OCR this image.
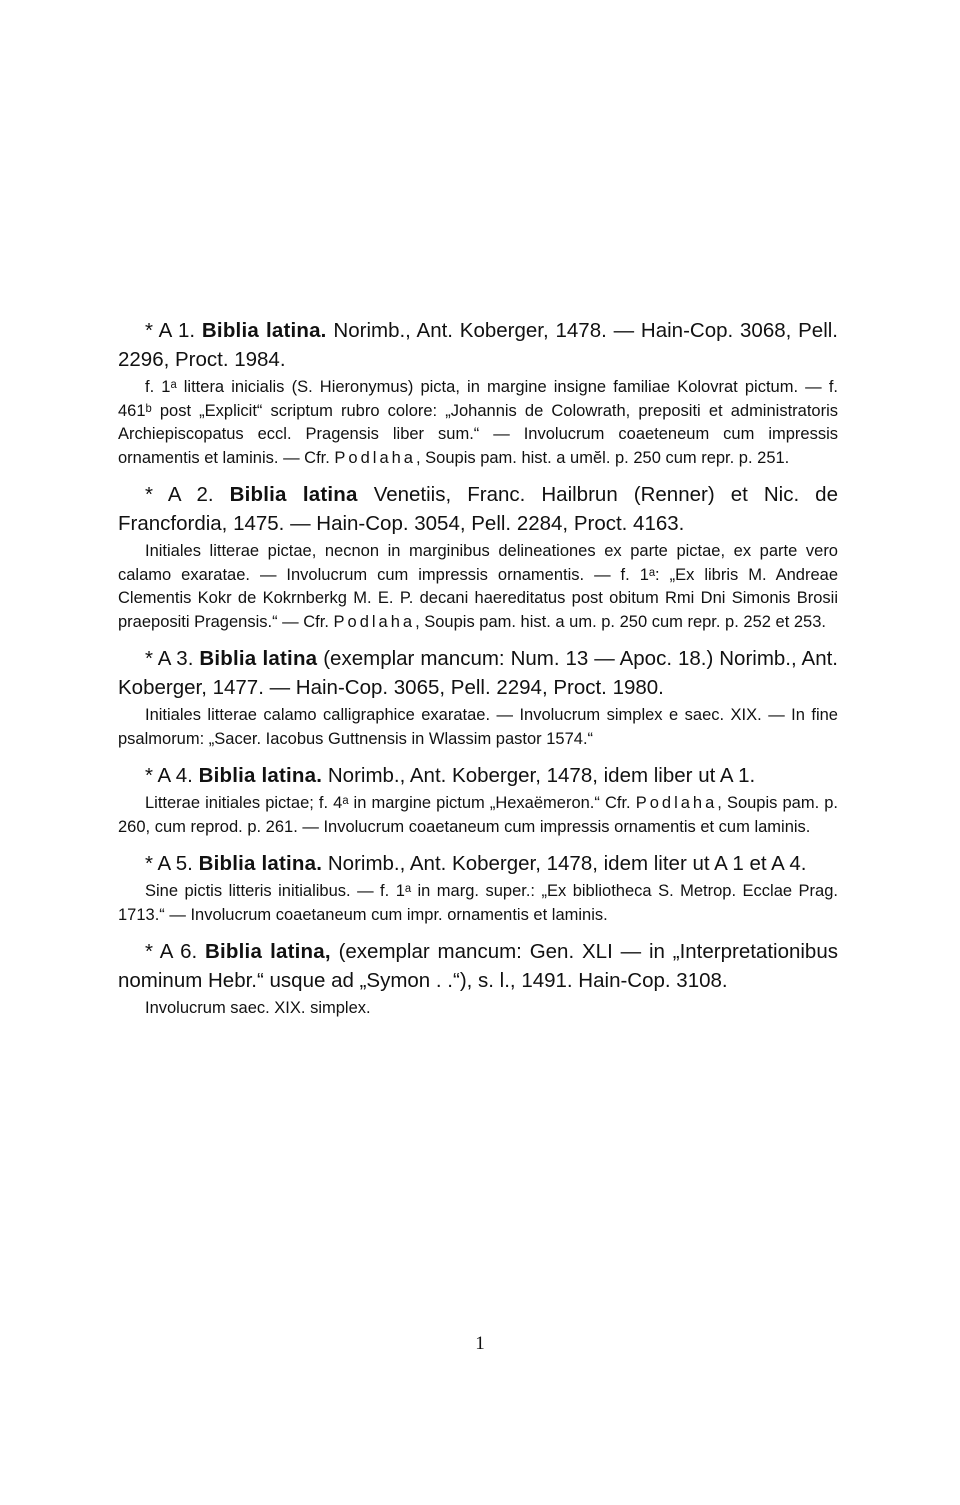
* A 1. Biblia latina. Norimb., Ant. Koberger, 1478. — Hain-Cop. 3068, Pell. 2296, Proct. 1984.

f. 1ᵃ littera inicialis (S. Hieronymus) picta, in margine insigne familiae Kolovrat pictum. — f. 461ᵇ post „Explicit“ scriptum rubro colore: „Johannis de Colowrath, prepositi et administratoris Archiepiscopatus eccl. Pragensis liber sum.“ — Involucrum coaeteneum cum impressis ornamentis et laminis. — Cfr. Podlaha, Soupis pam. hist. a umĕl. p. 250 cum repr. p. 251.

* A 2. Biblia latina Venetiis, Franc. Hailbrun (Renner) et Nic. de Francfordia, 1475. — Hain-Cop. 3054, Pell. 2284, Proct. 4163.

Initiales litterae pictae, necnon in marginibus delineationes ex parte pictae, ex parte vero calamo exaratae. — Involucrum cum impressis ornamentis. — f. 1ᵃ: „Ex libris M. Andreae Clementis Kokr de Kokrnberkg M. E. P. decani haereditatus post obitum Rmi Dni Simonis Brosii praepositi Pragensis.“ — Cfr. Podlaha, Soupis pam. hist. a um. p. 250 cum repr. p. 252 et 253.

* A 3. Biblia latina (exemplar mancum: Num. 13 — Apoc. 18.) Norimb., Ant. Koberger, 1477. — Hain-Cop. 3065, Pell. 2294, Proct. 1980.

Initiales litterae calamo calligraphice exaratae. — Involucrum simplex e saec. XIX. — In fine psalmorum: „Sacer. Iacobus Guttnensis in Wlassim pastor 1574.“

* A 4. Biblia latina. Norimb., Ant. Koberger, 1478, idem liber ut A 1.

Litterae initiales pictae; f. 4ᵃ in margine pictum „Hexaëmeron.“ Cfr. Podlaha, Soupis pam. p. 260, cum reprod. p. 261. — Involucrum coaetaneum cum impressis ornamentis et cum laminis.

* A 5. Biblia latina. Norimb., Ant. Koberger, 1478, idem liter ut A 1 et A 4.

Sine pictis litteris initialibus. — f. 1ᵃ in marg. super.: „Ex bibliotheca S. Metrop. Ecclae Prag. 1713.“ — Involucrum coaetaneum cum impr. ornamentis et laminis.

* A 6. Biblia latina, (exemplar mancum: Gen. XLI — in „Interpretationibus nominum Hebr.“ usque ad „Symon . .“), s. l., 1491. Hain-Cop. 3108.

Involucrum saec. XIX. simplex.

1
